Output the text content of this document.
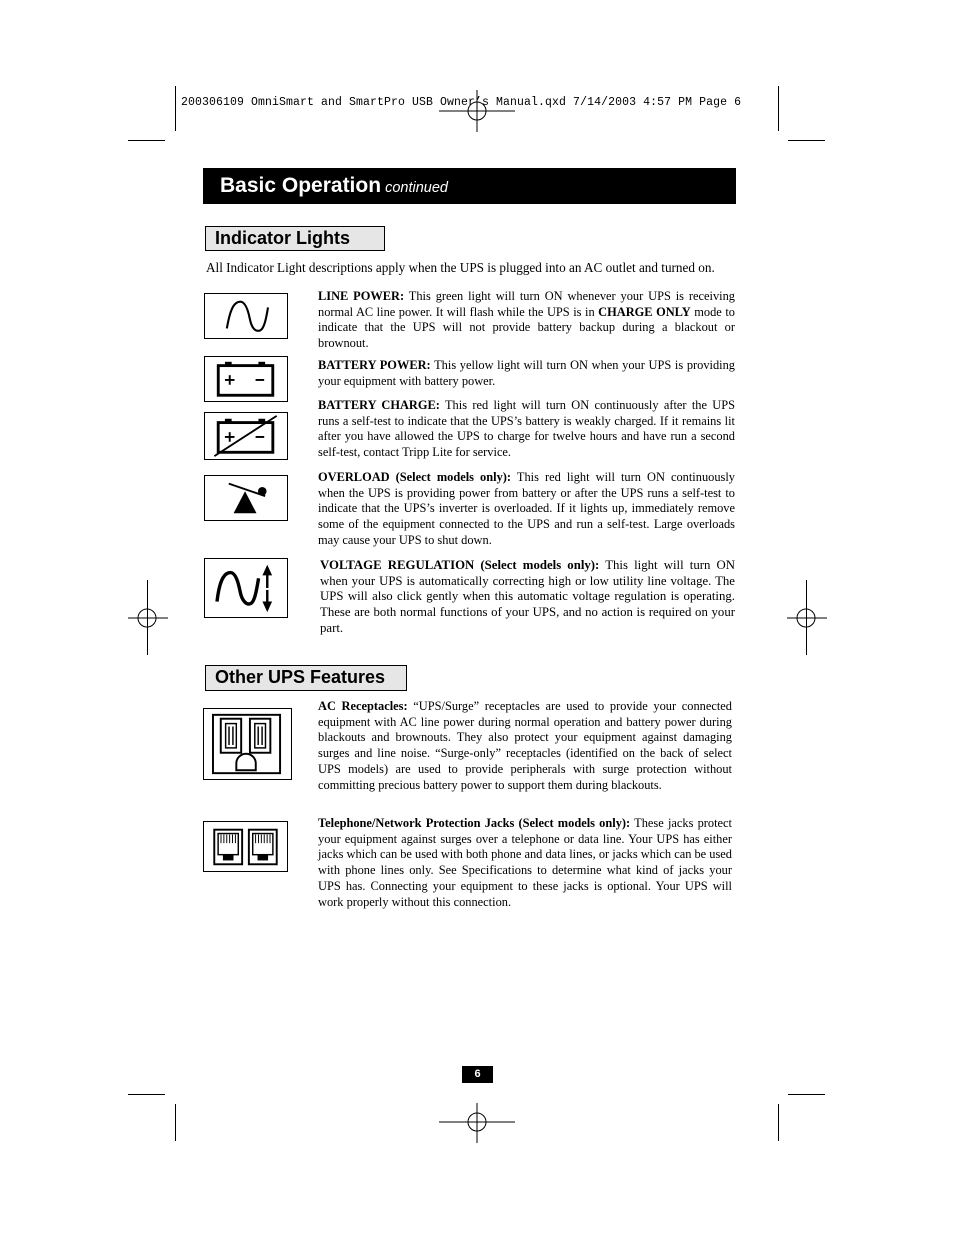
200306109 OmniSmart and SmartPro USB Owner’s Manual.qxd 7/14/2003 4:57 PM Page 6
Basic Operation continued
Indicator Lights
All Indicator Light descriptions apply when the UPS is plugged into an AC outlet and turned on.
LINE POWER: This green light will turn ON whenever your UPS is receiving normal AC line power. It will flash while the UPS is in CHARGE ONLY mode to indicate that the UPS will not provide battery backup during a blackout or brownout.
BATTERY POWER: This yellow light will turn ON when your UPS is providing your equipment with battery power.
BATTERY CHARGE: This red light will turn ON continuously after the UPS runs a self-test to indicate that the UPS’s battery is weakly charged. If it remains lit after you have allowed the UPS to charge for twelve hours and have run a second self-test, contact Tripp Lite for service.
OVERLOAD (Select models only): This red light will turn ON continuously when the UPS is providing power from battery or after the UPS runs a self-test to indicate that the UPS’s inverter is overloaded. If it lights up, immediately remove some of the equipment connected to the UPS and run a self-test. Large overloads may cause your UPS to shut down.
VOLTAGE REGULATION (Select models only): This light will turn ON when your UPS is automatically correcting high or low utility line voltage. The UPS will also click gently when this automatic voltage regulation is operating. These are both normal functions of your UPS, and no action is required on your part.
Other UPS Features
AC Receptacles: “UPS/Surge” receptacles are used to provide your connected equipment with AC line power during normal operation and battery power during blackouts and brownouts. They also protect your equipment against damaging surges and line noise. “Surge-only” receptacles (identified on the back of select UPS models) are used to provide peripherals with surge protection without committing precious battery power to support them during blackouts.
Telephone/Network Protection Jacks (Select models only): These jacks protect your equipment against surges over a telephone or data line. Your UPS has either jacks which can be used with both phone and data lines, or jacks which can be used with phone lines only. See Specifications to determine what kind of jacks your UPS has. Connecting your equipment to these jacks is optional. Your UPS will work properly without this connection.
6
